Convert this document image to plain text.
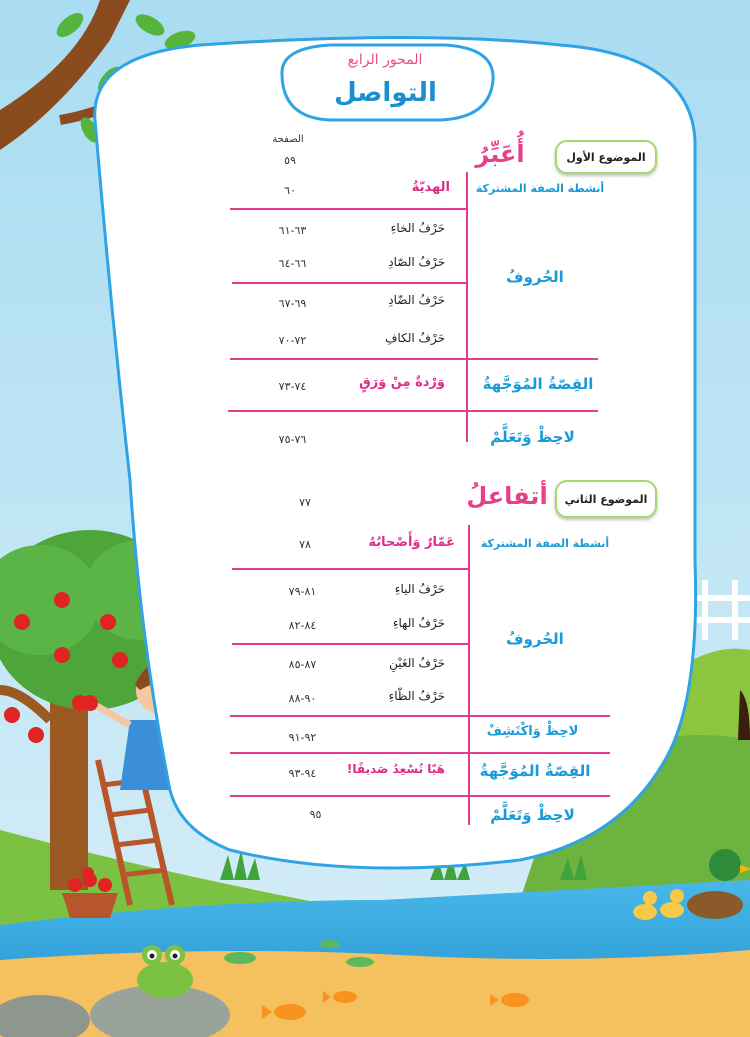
المحور الرابع
التواصل
الصفحة
الموضوع الأول
أُعَبِّرُ
٥٩
أنشطة الصفة المشتركة
الهديّةُ
٦٠
الحُروفُ
حَرْفُ الخاءِ
٦٣-٦١
حَرْفُ الصّادِ
٦٦-٦٤
حَرْفُ الضّادِ
٦٩-٦٧
حَرْفُ الكافِ
٧٢-٧٠
القِصّةُ المُوَجَّهةُ
وَرْدةٌ مِنْ وَرَقٍ
٧٤-٧٣
لاحِظْ وَتَعَلَّمْ
٧٦-٧٥
الموضوع الثاني
أتفاعلُ
٧٧
أنشطة الصفة المشتركة
عَمّارٌ وَأَصْحابُهُ
٧٨
الحُروفُ
حَرْفُ الياءِ
٨١-٧٩
حَرْفُ الهاءِ
٨٤-٨٢
حَرْفُ الغَيْنِ
٨٧-٨٥
حَرْفُ الظّاءِ
٩٠-٨٨
لاحِظْ وَاكْتَشِفْ
٩٢-٩١
القِصّةُ المُوَجَّهةُ
هَيّا نُسْعِدُ صَديقًا!
٩٤-٩٣
لاحِظْ وَتَعَلَّمْ
٩٥
